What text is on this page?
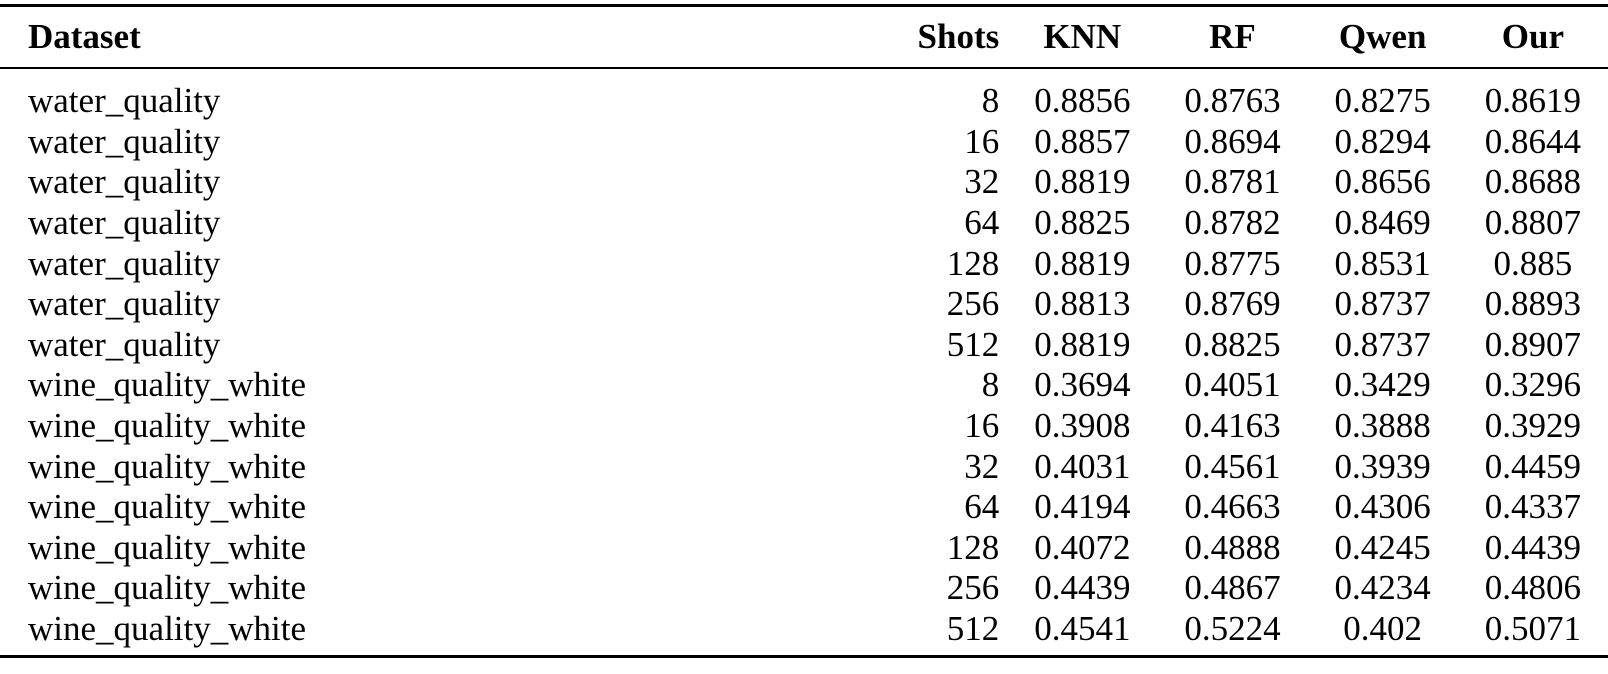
Dataset	Shots	KNN	RF	Qwen	Our
water_quality	8	0.8856	0.8763	0.8275	0.8619
water_quality	16	0.8857	0.8694	0.8294	0.8644
water_quality	32	0.8819	0.8781	0.8656	0.8688
water_quality	64	0.8825	0.8782	0.8469	0.8807
water_quality	128	0.8819	0.8775	0.8531	0.885
water_quality	256	0.8813	0.8769	0.8737	0.8893
water_quality	512	0.8819	0.8825	0.8737	0.8907
wine_quality_white	8	0.3694	0.4051	0.3429	0.3296
wine_quality_white	16	0.3908	0.4163	0.3888	0.3929
wine_quality_white	32	0.4031	0.4561	0.3939	0.4459
wine_quality_white	64	0.4194	0.4663	0.4306	0.4337
wine_quality_white	128	0.4072	0.4888	0.4245	0.4439
wine_quality_white	256	0.4439	0.4867	0.4234	0.4806
wine_quality_white	512	0.4541	0.5224	0.402	0.5071
